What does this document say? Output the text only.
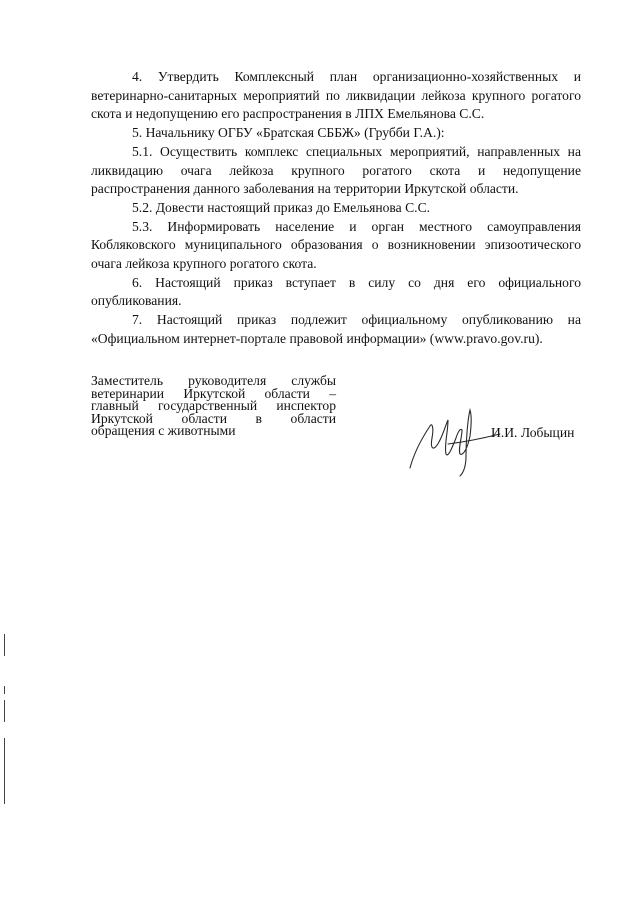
4. Утвердить Комплексный план организационно-хозяйственных и ветеринарно-санитарных мероприятий по ликвидации лейкоза крупного рогатого скота и недопущению его распространения в ЛПХ Емельянова С.С.

5. Начальнику ОГБУ «Братская СББЖ» (Грубби Г.А.):

5.1. Осуществить комплекс специальных мероприятий, направленных на ликвидацию очага лейкоза крупного рогатого скота и недопущение распространения данного заболевания на территории Иркутской области.

5.2. Довести настоящий приказ до Емельянова С.С.

5.3. Информировать население и орган местного самоуправления Кобляковского муниципального образования о возникновении эпизоотического очага лейкоза крупного рогатого скота.

6. Настоящий приказ вступает в силу со дня его официального опубликования.

7. Настоящий приказ подлежит официальному опубликованию на «Официальном интернет-портале правовой информации» (www.pravo.gov.ru).

Заместитель руководителя службы
ветеринарии Иркутской области –
главный государственный инспектор
Иркутской области в области
обращения с животными	И.И. Лобыцин
